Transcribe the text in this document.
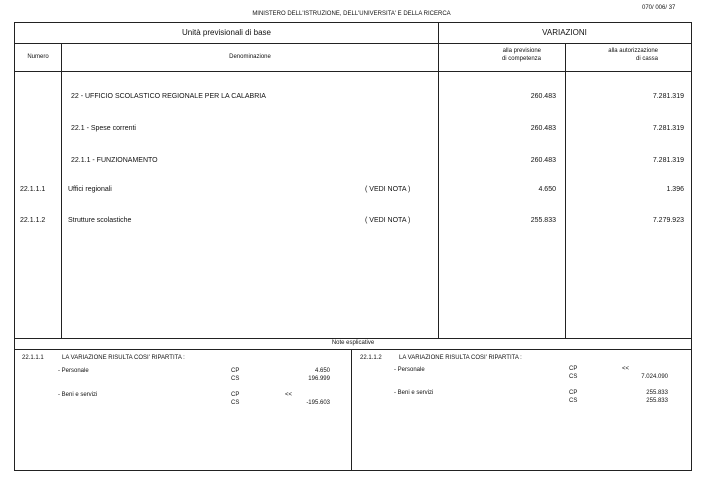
070/ 006/ 37
MINISTERO DELL'ISTRUZIONE, DELL'UNIVERSITA' E DELLA RICERCA
Unità previsionali di base	VARIAZIONI
Numero	Denominazione
alla previsione
di competenza
alla autorizzazione
di cassa
22 - UFFICIO SCOLASTICO REGIONALE PER LA CALABRIA	260.483	7.281.319
22.1 - Spese correnti	260.483	7.281.319
22.1.1 - FUNZIONAMENTO	260.483	7.281.319
22.1.1.1	Uffici regionali	( VEDI NOTA )	4.650	1.396
22.1.1.2	Strutture scolastiche	( VEDI NOTA )	255.833	7.279.923
Note esplicative
22.1.1.1	LA VARIAZIONE RISULTA COSI' RIPARTITA :
- Personale	CP	4.650
CS	196.999
- Beni e servizi	CP	<<
CS	-195.603
22.1.1.2	LA VARIAZIONE RISULTA COSI' RIPARTITA :
- Personale	CP	<<
CS	7.024.090
- Beni e servizi	CP	255.833
CS	255.833
